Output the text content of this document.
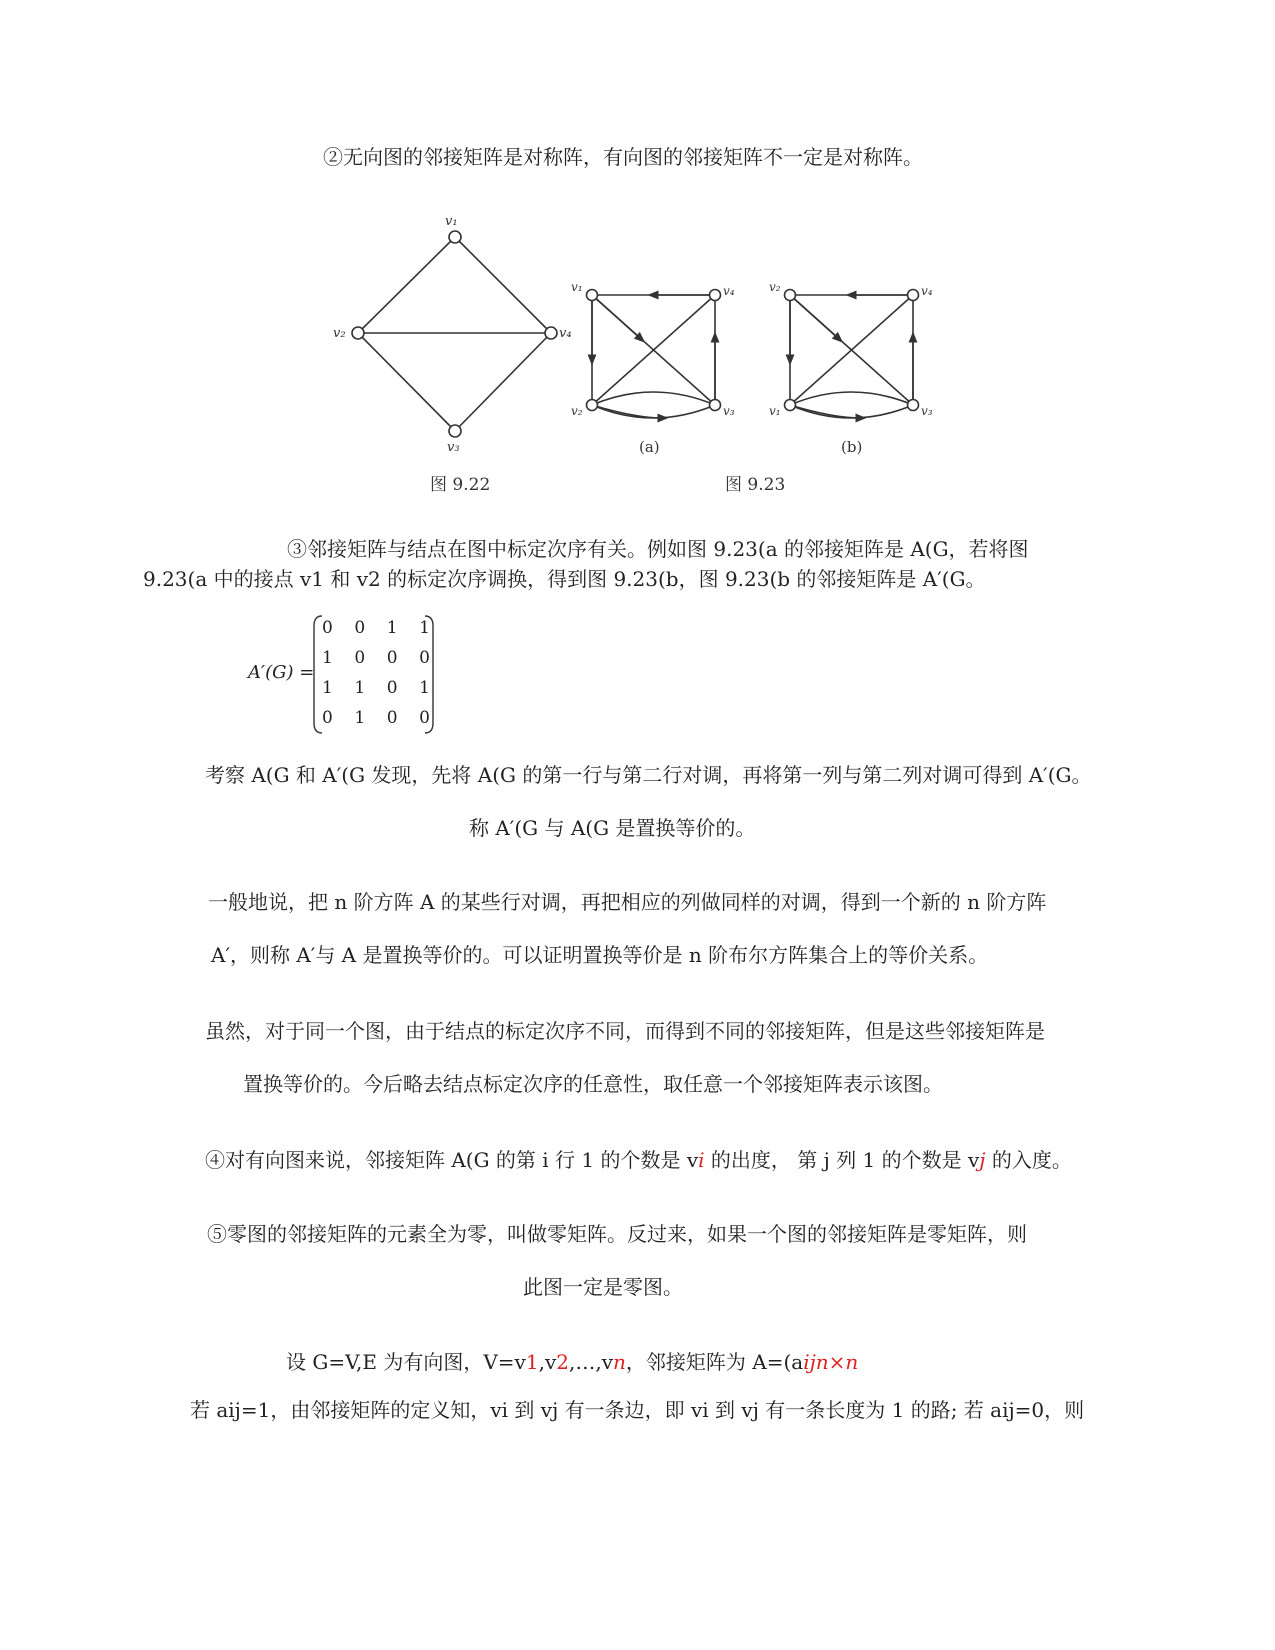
②无向图的邻接矩阵是对称阵，有向图的邻接矩阵不一定是对称阵。
v₁
v₂	v₄
v₃
图 9.22
v₁	v₄
v₂	v₃
(a)
v₂	v₄
v₁	v₃
(b)
图 9.23
③邻接矩阵与结点在图中标定次序有关。例如图 9.23(a 的邻接矩阵是 A(G，若将图
9.23(a 中的接点 v1 和 v2 的标定次序调换，得到图 9.23(b，图 9.23(b 的邻接矩阵是 A′(G。
A′(G) =
0 0 1 1
1 0 0 0
1 1 0 1
0 1 0 0
考察 A(G 和 A′(G 发现，先将 A(G 的第一行与第二行对调，再将第一列与第二列对调可得到 A′(G。
称 A′(G 与 A(G 是置换等价的。
一般地说，把 n 阶方阵 A 的某些行对调，再把相应的列做同样的对调，得到一个新的 n 阶方阵
A′，则称 A′与 A 是置换等价的。可以证明置换等价是 n 阶布尔方阵集合上的等价关系。
虽然，对于同一个图，由于结点的标定次序不同，而得到不同的邻接矩阵，但是这些邻接矩阵是
置换等价的。今后略去结点标定次序的任意性，取任意一个邻接矩阵表示该图。
④对有向图来说，邻接矩阵 A(G 的第 i 行 1 的个数是 vi 的出度， 第 j 列 1 的个数是 vj 的入度。
⑤零图的邻接矩阵的元素全为零，叫做零矩阵。反过来，如果一个图的邻接矩阵是零矩阵，则
此图一定是零图。
设 G=V,E 为有向图，V=v1,v2,…,vn，邻接矩阵为 A=(aijn×n
若 aij=1，由邻接矩阵的定义知，vi 到 vj 有一条边，即 vi 到 vj 有一条长度为 1 的路; 若 aij=0，则
